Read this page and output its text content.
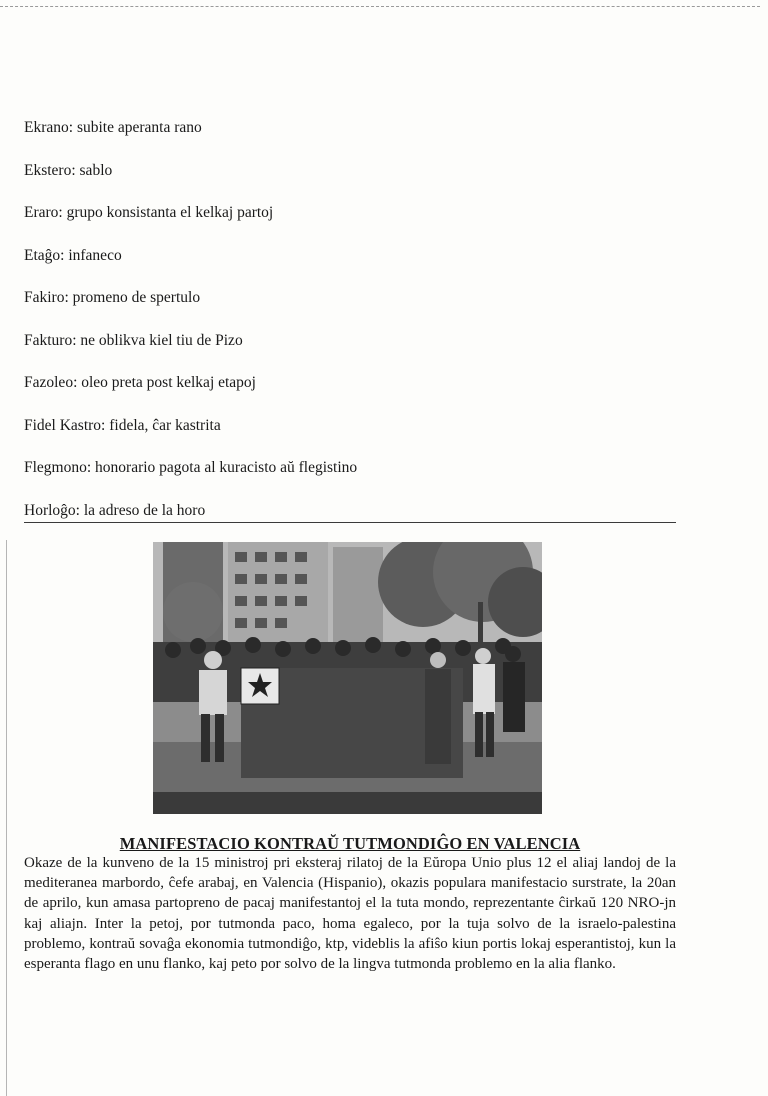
Ekrano: subite aperanta rano
Ekstero: sablo
Eraro: grupo konsistanta el kelkaj partoj
Etaĝo: infaneco
Fakiro: promeno de spertulo
Fakturo: ne oblikva kiel tiu de Pizo
Fazoleo: oleo preta post kelkaj etapoj
Fidel Kastro: fidela, ĉar kastrita
Flegmono: honorario pagota al kuracisto aŭ flegistino
Horloĝo: la adreso de la horo
MANIFESTACIO KONTRAŬ TUTMONDIĜO EN VALENCIA

Okaze de la kunveno de la 15 ministroj pri eksteraj rilatoj de la Eŭropa Unio plus 12 el aliaj landoj de la mediteranea marbordo, ĉefe arabaj, en Valencia (Hispanio), okazis populara manifestacio surstrate, la 20an de aprilo, kun amasa partopreno de pacaj manifestantoj el la tuta mondo, reprezentante ĉirkaŭ 120 NRO-jn kaj aliajn. Inter la petoj, por tutmonda paco, homa egaleco, por la tuja solvo de la israelo-palestina problemo, kontraŭ sovaĝa ekonomia tutmondiĝo, ktp, videblis la afiŝo kiun portis lokaj esperantistoj, kun la esperanta flago en unu flanko, kaj peto por solvo de la lingva tutmonda problemo en la alia flanko.
